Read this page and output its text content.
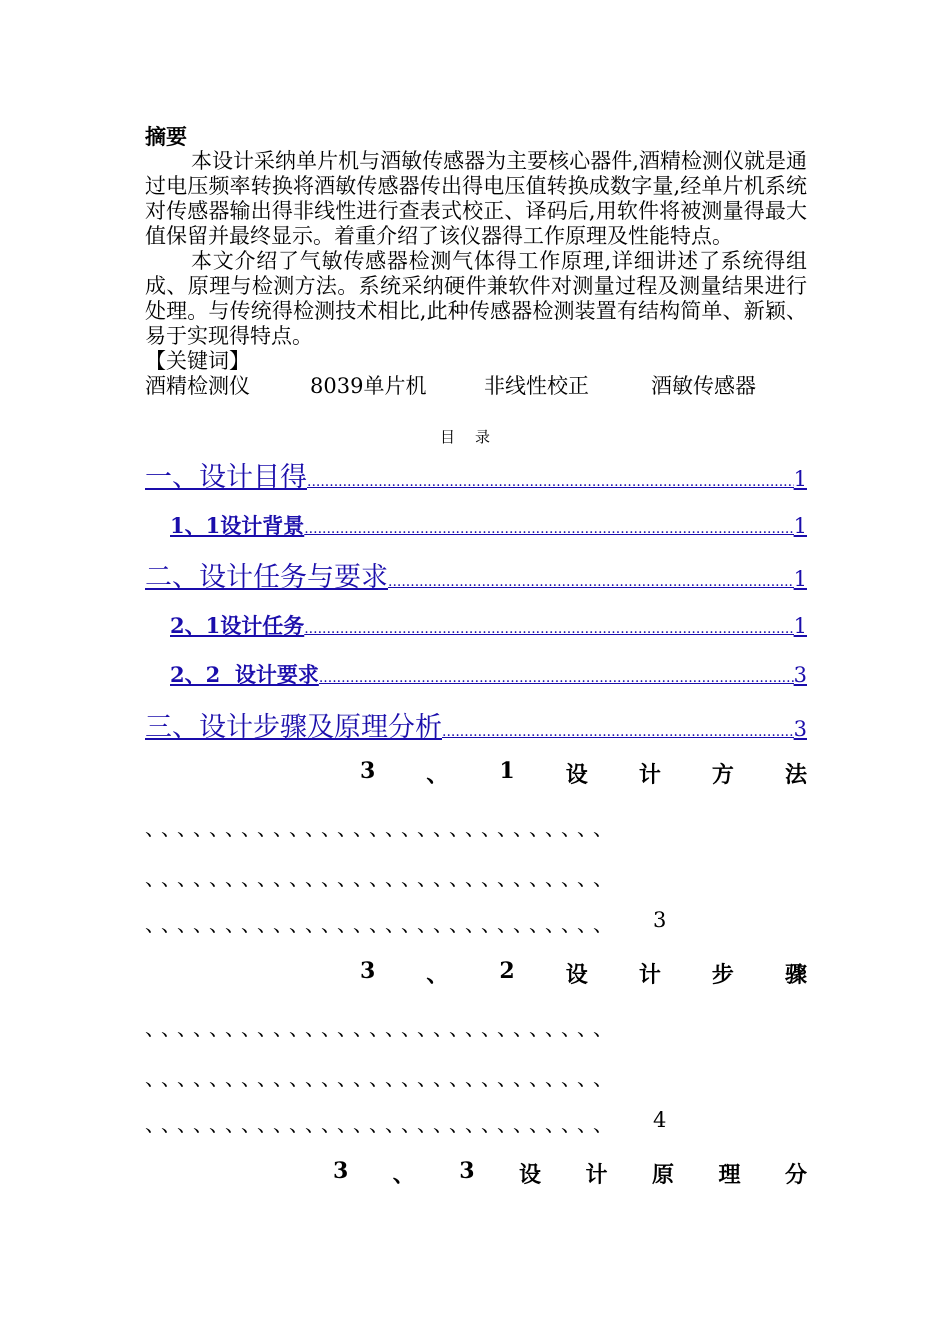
摘要

本设计采纳单片机与酒敏传感器为主要核心器件,酒精检测仪就是通过电压频率转换将酒敏传感器传出得电压值转换成数字量,经单片机系统对传感器输出得非线性进行查表式校正、译码后,用软件将被测量得最大值保留并最终显示。着重介绍了该仪器得工作原理及性能特点。

本文介绍了气敏传感器检测气体得工作原理,详细讲述了系统得组成、原理与检测方法。系统采纳硬件兼软件对测量过程及测量结果进行处理。与传统得检测技术相比,此种传感器检测装置有结构简单、新颖、易于实现得特点。

【关键词】
酒精检测仪	8039单片机	非线性校正	酒敏传感器
目录
一、设计目得 .....	1
1、1设计背景 .....	1
二、设计任务与要求 .....	1
2、1设计任务 .....	1
2、2  设计要求 .....	3
三、设计步骤及原理分析 .....	3
3 、 1 设 计 方 法
、、、、、、、、、、、、、、、、、、、、、、、、、、、、、
、、、、、、、、、、、、、、、、、、、、、、、、、、、、、
、、、、、、、、、、、、、、、、、、、、、、、、、、、、、	3
3 、 2 设 计 步 骤
、、、、、、、、、、、、、、、、、、、、、、、、、、、、、
、、、、、、、、、、、、、、、、、、、、、、、、、、、、、
、、、、、、、、、、、、、、、、、、、、、、、、、、、、、	4
3 、 3 设 计 原 理 分
